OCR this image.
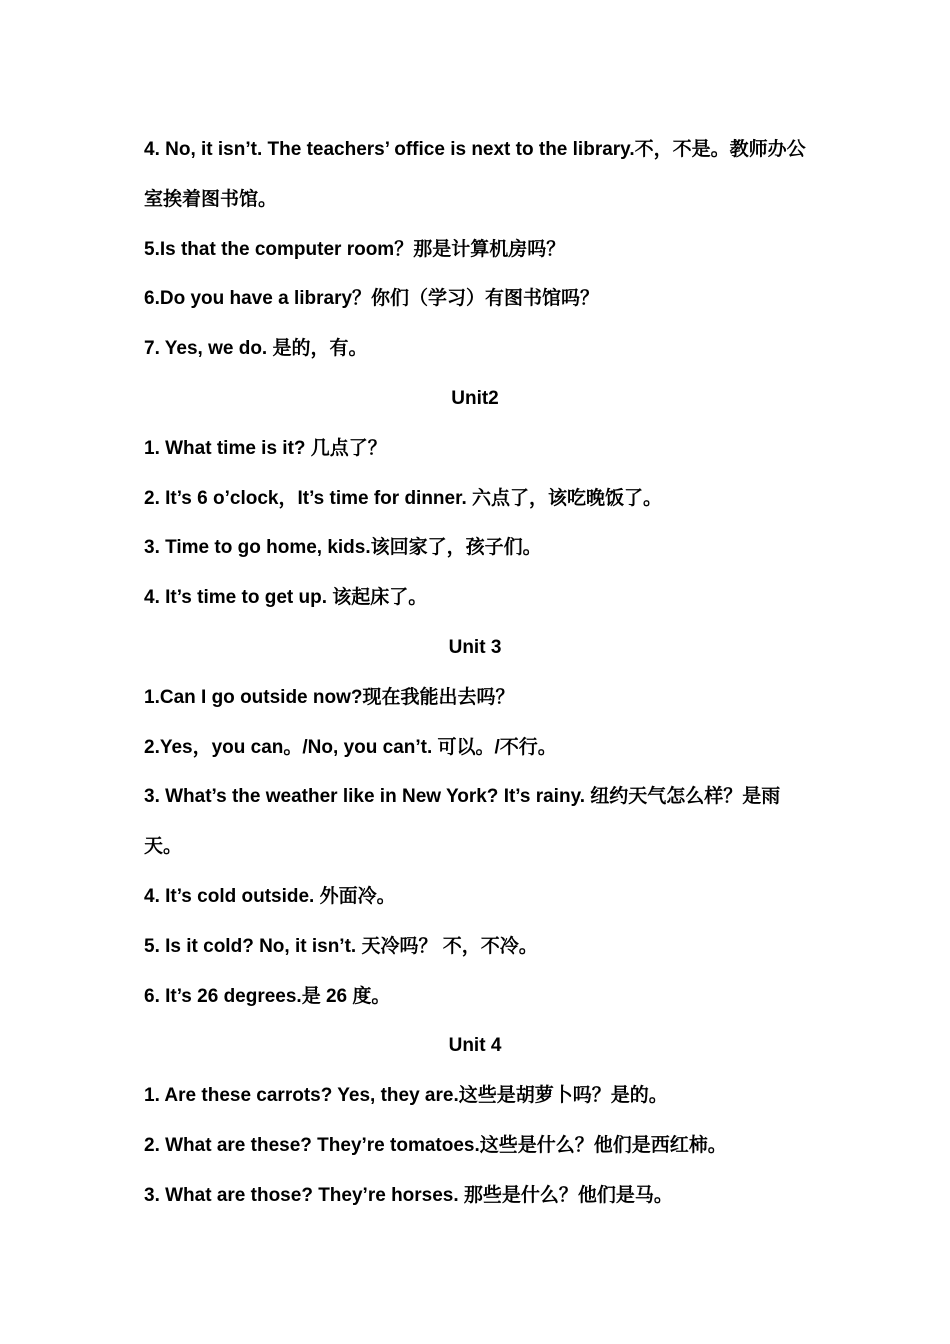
4. No, it isn’t. The teachers’ office is next to the library.不，不是。教师办公室挨着图书馆。

5.Is that the computer room？那是计算机房吗？

6.Do you have a library？你们（学习）有图书馆吗？

7. Yes, we do. 是的，有。

Unit2

1. What time is it? 几点了？

2. It’s 6 o’clock，It’s time for dinner. 六点了，该吃晚饭了。

3. Time to go home, kids.该回家了，孩子们。

4. It’s time to get up. 该起床了。

Unit 3

1.Can I go outside now?现在我能出去吗？

2.Yes，you can。/No, you can’t. 可以。/不行。

3. What’s the weather like in New York? It’s rainy. 纽约天气怎么样？是雨天。

4. It’s cold outside. 外面冷。

5. Is it cold? No, it isn’t. 天冷吗？ 不，不冷。

6. It’s 26 degrees.是 26 度。

Unit 4

1. Are these carrots? Yes, they are.这些是胡萝卜吗？是的。

2. What are these? They’re tomatoes.这些是什么？他们是西红柿。

3. What are those? They’re horses. 那些是什么？他们是马。
